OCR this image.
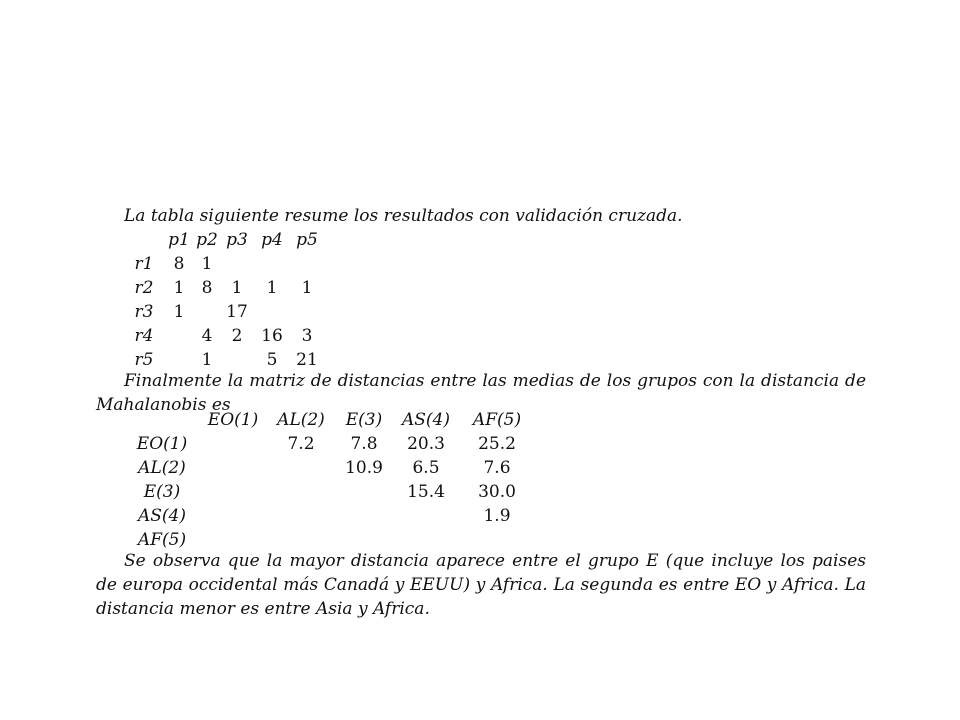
La tabla siguiente resume los resultados con validación cruzada.

	p1	p2	p3	p4	p5
r1	8	1			
r2	1	8	1	1	1
r3	1		17		
r4		4	2	16	3
r5		1		5	21

Finalmente la matriz de distancias entre las medias de los grupos con la distancia de Mahalanobis es

	EO(1)	AL(2)	E(3)	AS(4)	AF(5)
EO(1)		7.2	7.8	20.3	25.2
AL(2)			10.9	6.5	7.6
E(3)				15.4	30.0
AS(4)					1.9
AF(5)					

Se observa que la mayor distancia aparece entre el grupo E (que incluye los paises de europa occidental más Canadá y EEUU) y Africa. La segunda es entre EO y Africa. La distancia menor es entre Asia y Africa.
